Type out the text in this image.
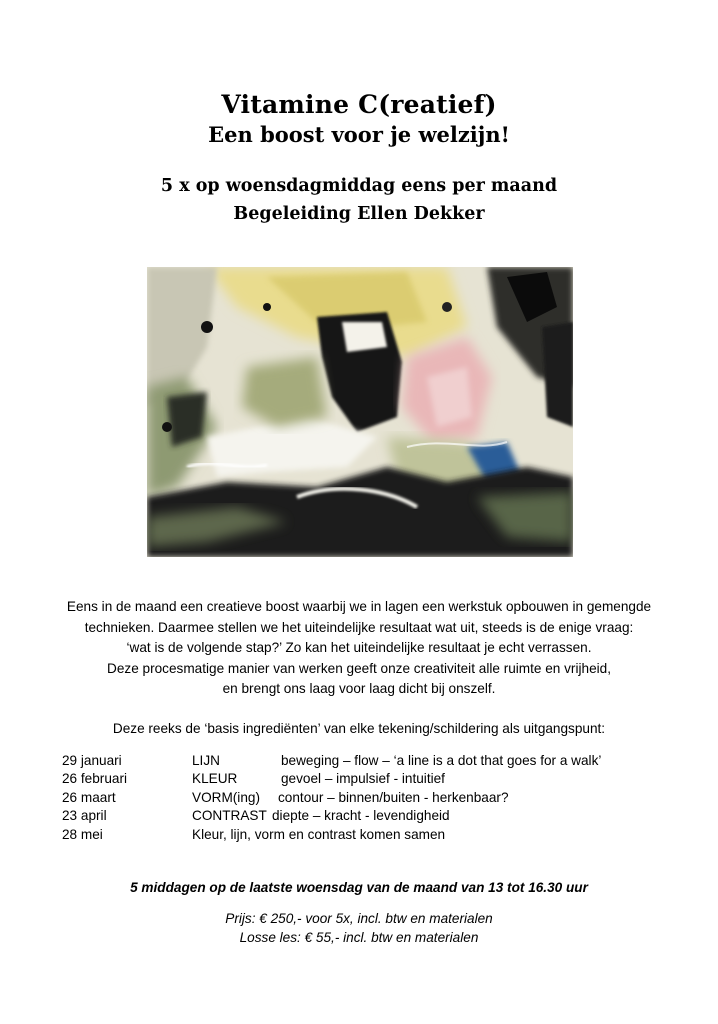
Vitamine C(reatief)
Een boost voor je welzijn!
5 x op woensdagmiddag eens per maand
Begeleiding Ellen Dekker

Eens in de maand een creatieve boost waarbij we in lagen een werkstuk opbouwen in gemengde

technieken. Daarmee stellen we het uiteindelijke resultaat wat uit, steeds is de enige vraag:

‘wat is de volgende stap?’ Zo kan het uiteindelijke resultaat je echt verrassen.

Deze procesmatige manier van werken geeft onze creativiteit alle ruimte en vrijheid,

en brengt ons laag voor laag dicht bij onszelf.

Deze reeks de ‘basis ingrediënten’ van elke tekening/schildering als uitgangspunt:
29 januari	LIJN	beweging – flow – ‘a line is a dot that goes for a walk’
26 februari	KLEUR	gevoel – impulsief - intuitief
26 maart	VORM(ing) contour – binnen/buiten - herkenbaar?
23 april	CONTRAST diepte – kracht - levendigheid
28 mei	Kleur, lijn, vorm en contrast komen samen
5 middagen op de laatste woensdag van de maand van 13 tot 16.30 uur
Prijs: € 250,- voor 5x, incl. btw en materialen
Losse les: € 55,- incl. btw en materialen
